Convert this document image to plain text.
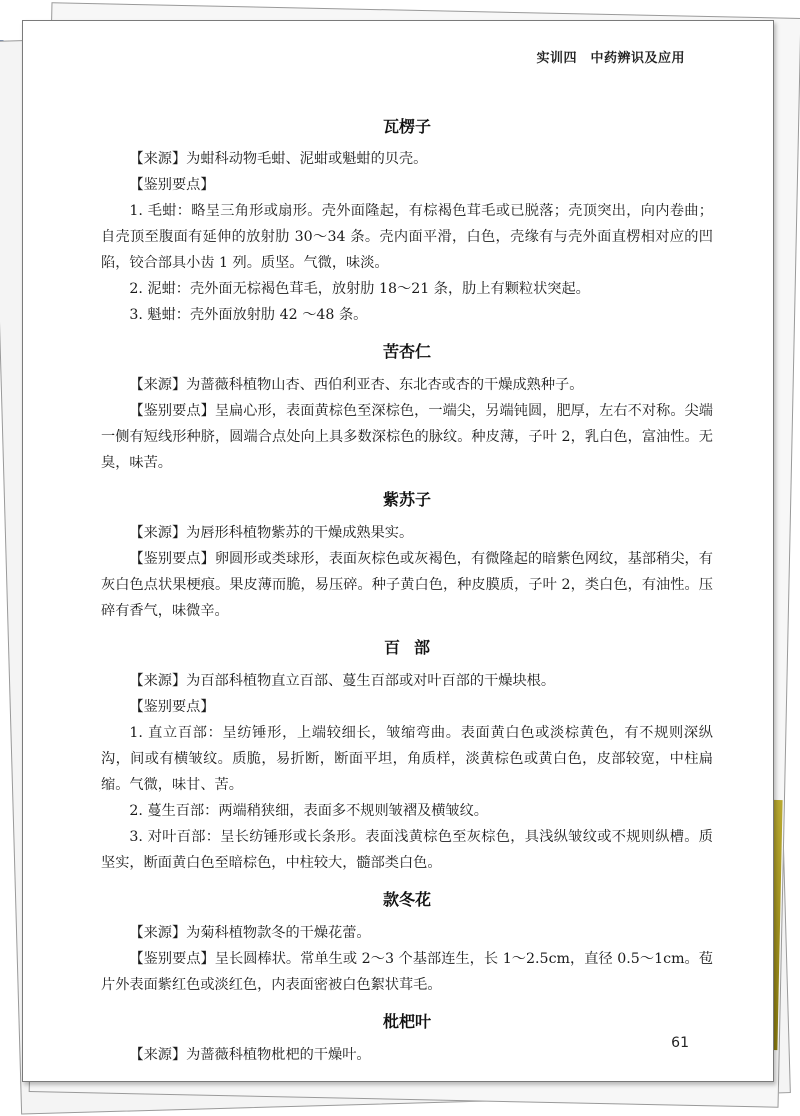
实训四　中药辨识及应用
瓦楞子

【来源】为蚶科动物毛蚶、泥蚶或魁蚶的贝壳。

【鉴别要点】

1. 毛蚶：略呈三角形或扇形。壳外面隆起，有棕褐色茸毛或已脱落；壳顶突出，向内卷曲；自壳顶至腹面有延伸的放射肋 30～34 条。壳内面平滑，白色，壳缘有与壳外面直楞相对应的凹陷，铰合部具小齿 1 列。质坚。气微，味淡。

2. 泥蚶：壳外面无棕褐色茸毛，放射肋 18～21 条，肋上有颗粒状突起。

3. 魁蚶：壳外面放射肋 42 ～48 条。

苦杏仁

【来源】为蔷薇科植物山杏、西伯利亚杏、东北杏或杏的干燥成熟种子。

【鉴别要点】呈扁心形，表面黄棕色至深棕色，一端尖，另端钝圆，肥厚，左右不对称。尖端一侧有短线形种脐，圆端合点处向上具多数深棕色的脉纹。种皮薄，子叶 2，乳白色，富油性。无臭，味苦。

紫苏子

【来源】为唇形科植物紫苏的干燥成熟果实。

【鉴别要点】卵圆形或类球形，表面灰棕色或灰褐色，有微隆起的暗紫色网纹，基部稍尖，有灰白色点状果梗痕。果皮薄而脆，易压碎。种子黄白色，种皮膜质，子叶 2，类白色，有油性。压碎有香气，味微辛。

百部

【来源】为百部科植物直立百部、蔓生百部或对叶百部的干燥块根。

【鉴别要点】

1. 直立百部：呈纺锤形，上端较细长，皱缩弯曲。表面黄白色或淡棕黄色，有不规则深纵沟，间或有横皱纹。质脆，易折断，断面平坦，角质样，淡黄棕色或黄白色，皮部较宽，中柱扁缩。气微，味甘、苦。

2. 蔓生百部：两端稍狭细，表面多不规则皱褶及横皱纹。

3. 对叶百部：呈长纺锤形或长条形。表面浅黄棕色至灰棕色，具浅纵皱纹或不规则纵槽。质坚实，断面黄白色至暗棕色，中柱较大，髓部类白色。

款冬花

【来源】为菊科植物款冬的干燥花蕾。

【鉴别要点】呈长圆棒状。常单生或 2～3 个基部连生，长 1～2.5cm，直径 0.5～1cm。苞片外表面紫红色或淡红色，内表面密被白色絮状茸毛。

枇杷叶

【来源】为蔷薇科植物枇杷的干燥叶。

61
